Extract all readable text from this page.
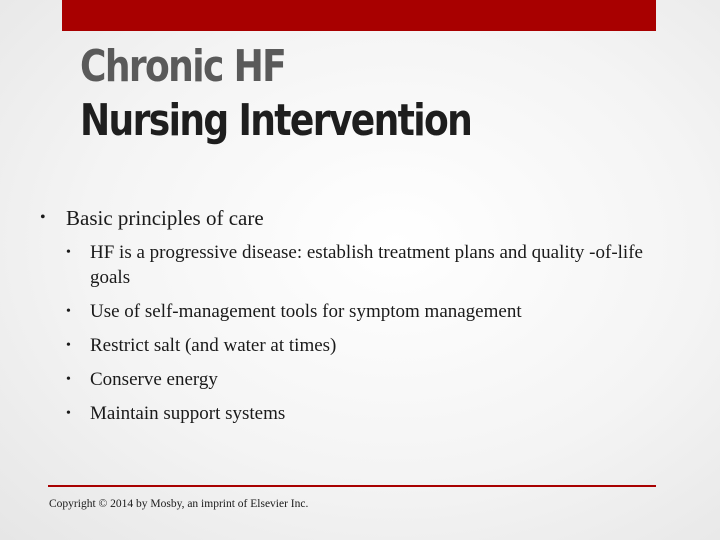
Chronic HF
Nursing Intervention
• Basic principles of care
•	HF is a progressive disease: establish treatment plans and quality -of-life goals
•	Use of self-management tools for symptom management
•	Restrict salt (and water at times)
•	Conserve energy
•	Maintain support systems
Copyright © 2014 by Mosby, an imprint of Elsevier Inc.
